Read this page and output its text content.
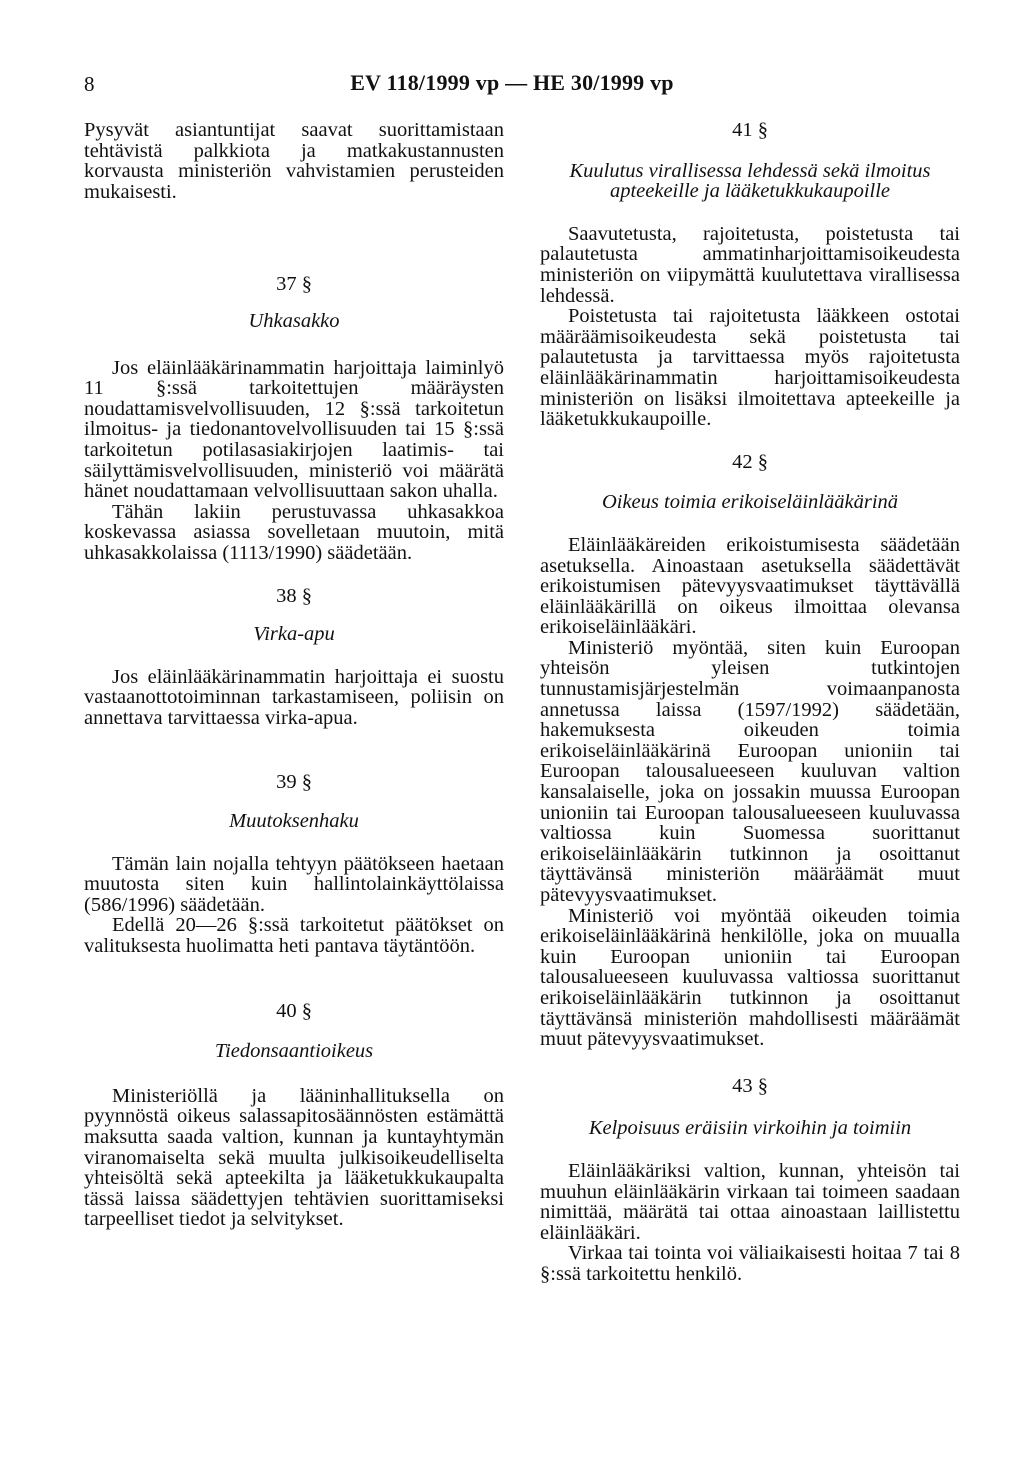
8	EV 118/1999 vp — HE 30/1999 vp

Pysyvät asiantuntijat saavat suorittamistaan tehtävistä palkkiota ja matkakustannusten korvausta ministeriön vahvistamien perusteiden mukaisesti.

37 §

Uhkasakko

Jos eläinlääkärinammatin harjoittaja laiminlyö 11 §:ssä tarkoitettujen määräysten noudattamisvelvollisuuden, 12 §:ssä tarkoitetun ilmoitus- ja tiedonantovelvollisuuden tai 15 §:ssä tarkoitetun potilasasiakirjojen laatimis- tai säilyttämisvelvollisuuden, ministeriö voi määrätä hänet noudattamaan velvollisuuttaan sakon uhalla.

Tähän lakiin perustuvassa uhkasakkoa koskevassa asiassa sovelletaan muutoin, mitä uhkasakkolaissa (1113/1990) säädetään.

38 §

Virka-apu

Jos eläinlääkärinammatin harjoittaja ei suostu vastaanottotoiminnan tarkastamiseen, poliisin on annettava tarvittaessa virka-apua.

39 §

Muutoksenhaku

Tämän lain nojalla tehtyyn päätökseen haetaan muutosta siten kuin hallintolainkäyttölaissa (586/1996) säädetään.

Edellä 20—26 §:ssä tarkoitetut päätökset on valituksesta huolimatta heti pantava täytäntöön.

40 §

Tiedonsaantioikeus

Ministeriöllä ja lääninhallituksella on pyynnöstä oikeus salassapitosäännösten estämättä maksutta saada valtion, kunnan ja kuntayhtymän viranomaiselta sekä muulta julkisoikeudelliselta yhteisöltä sekä apteekilta ja lääketukkukaupalta tässä laissa säädettyjen tehtävien suorittamiseksi tarpeelliset tiedot ja selvitykset.

41 §

Kuulutus virallisessa lehdessä sekä ilmoitus apteekeille ja lääketukkukaupoille

Saavutetusta, rajoitetusta, poistetusta tai palautetusta ammatinharjoittamisoikeudesta ministeriön on viipymättä kuulutettava virallisessa lehdessä.

Poistetusta tai rajoitetusta lääkkeen ostotai määräämisoikeudesta sekä poistetusta tai palautetusta ja tarvittaessa myös rajoitetusta eläinlääkärinammatin harjoittamisoikeudesta ministeriön on lisäksi ilmoitettava apteekeille ja lääketukkukaupoille.

42 §

Oikeus toimia erikoiseläinlääkärinä

Eläinlääkäreiden erikoistumisesta säädetään asetuksella. Ainoastaan asetuksella säädettävät erikoistumisen pätevyysvaatimukset täyttävällä eläinlääkärillä on oikeus ilmoittaa olevansa erikoiseläinlääkäri.

Ministeriö myöntää, siten kuin Euroopan yhteisön yleisen tutkintojen tunnustamisjärjestelmän voimaanpanosta annetussa laissa (1597/1992) säädetään, hakemuksesta oikeuden toimia erikoiseläinlääkärinä Euroopan unioniin tai Euroopan talousalueeseen kuuluvan valtion kansalaiselle, joka on jossakin muussa Euroopan unioniin tai Euroopan talousalueeseen kuuluvassa valtiossa kuin Suomessa suorittanut erikoiseläinlääkärin tutkinnon ja osoittanut täyttävänsä ministeriön määräämät muut pätevyysvaatimukset.

Ministeriö voi myöntää oikeuden toimia erikoiseläinlääkärinä henkilölle, joka on muualla kuin Euroopan unioniin tai Euroopan talousalueeseen kuuluvassa valtiossa suorittanut erikoiseläinlääkärin tutkinnon ja osoittanut täyttävänsä ministeriön mahdollisesti määräämät muut pätevyysvaatimukset.

43 §

Kelpoisuus eräisiin virkoihin ja toimiin

Eläinlääkäriksi valtion, kunnan, yhteisön tai muuhun eläinlääkärin virkaan tai toimeen saadaan nimittää, määrätä tai ottaa ainoastaan laillistettu eläinlääkäri.

Virkaa tai tointa voi väliaikaisesti hoitaa 7 tai 8 §:ssä tarkoitettu henkilö.
